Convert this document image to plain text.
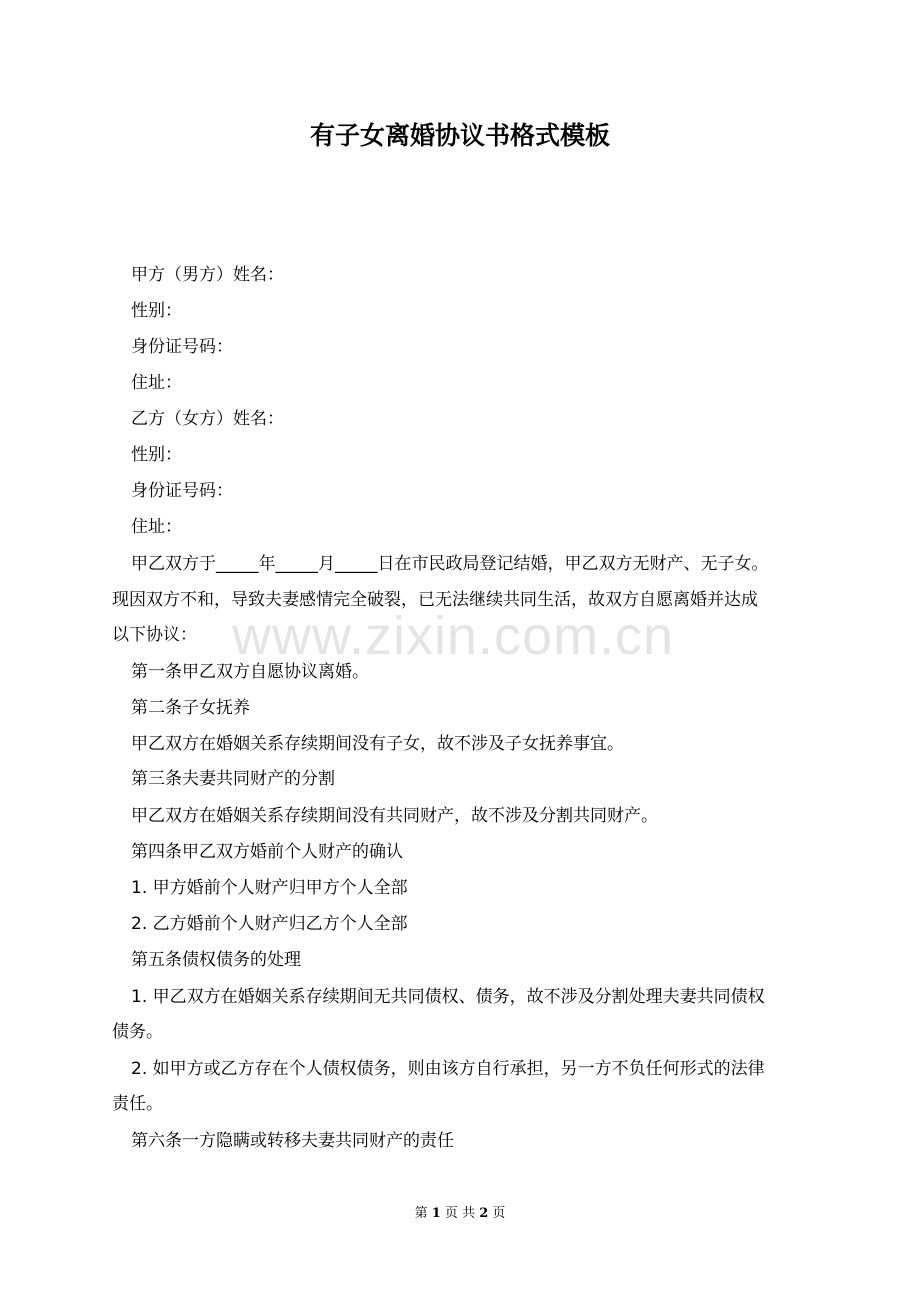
有子女离婚协议书格式模板

甲方（男方）姓名：

性别：

身份证号码：

住址：

乙方（女方）姓名：

性别：

身份证号码：

住址：

甲乙双方于_____年_____月_____日在市民政局登记结婚，甲乙双方无财产、无子女。

现因双方不和，导致夫妻感情完全破裂，已无法继续共同生活，故双方自愿离婚并达成

以下协议：

第一条甲乙双方自愿协议离婚。

第二条子女抚养

甲乙双方在婚姻关系存续期间没有子女，故不涉及子女抚养事宜。

第三条夫妻共同财产的分割

甲乙双方在婚姻关系存续期间没有共同财产，故不涉及分割共同财产。

第四条甲乙双方婚前个人财产的确认

1. 甲方婚前个人财产归甲方个人全部

2. 乙方婚前个人财产归乙方个人全部

第五条债权债务的处理

1. 甲乙双方在婚姻关系存续期间无共同债权、债务，故不涉及分割处理夫妻共同债权

债务。

2. 如甲方或乙方存在个人债权债务，则由该方自行承担，另一方不负任何形式的法律

责任。

第六条一方隐瞒或转移夫妻共同财产的责任

www.zixin.com.cn
第 1 页 共 2 页
